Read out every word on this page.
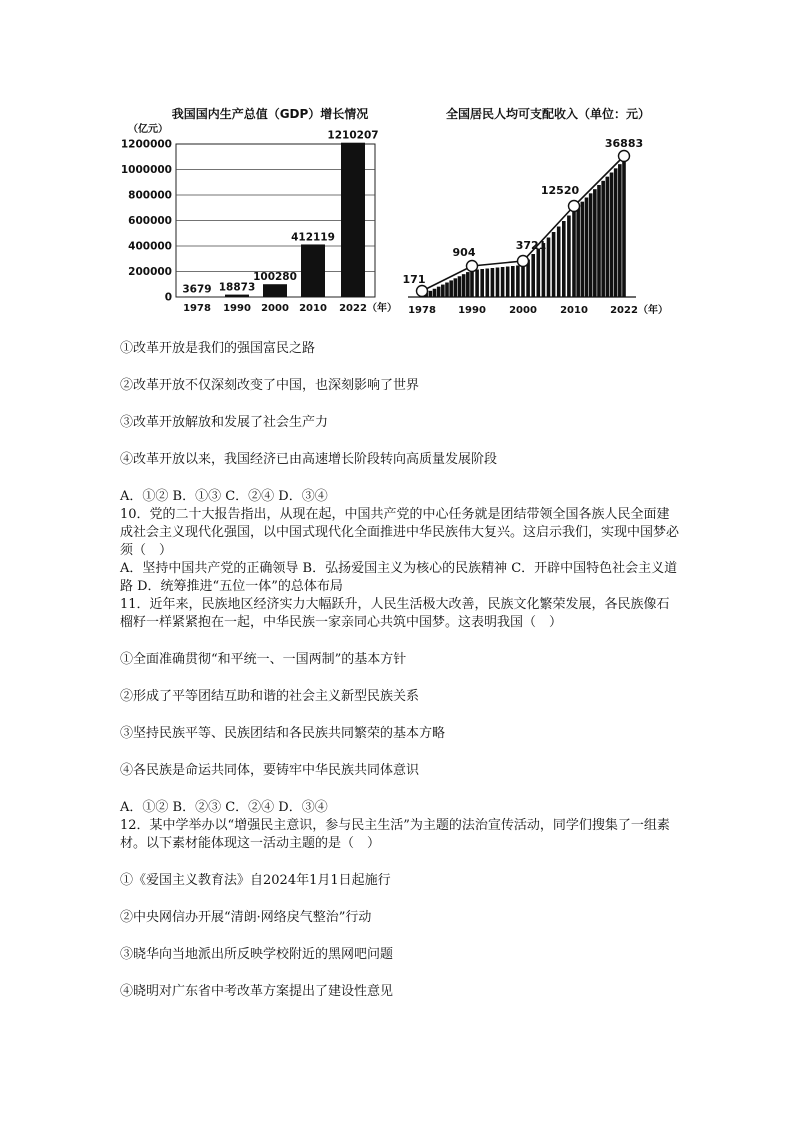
我国国内生产总值（GDP）增长情况
（亿元）
（年）
3679 18873
100280
412119
1210207
0
200000
400000
600000
800000
1000000
1200000
1978 1990 2000 2010 2022
全国居民人均可支配收入（单位：元）
（年）
171
1978
904
1990
3721
2000
12520
2010
36883
2022

①改革开放是我们的强国富民之路

②改革开放不仅深刻改变了中国，也深刻影响了世界

③改革开放解放和发展了社会生产力

④改革开放以来，我国经济已由高速增长阶段转向高质量发展阶段

A．①② B．①③ C．②④ D．③④

10．党的二十大报告指出，从现在起，中国共产党的中心任务就是团结带领全国各族人民全面建成社会主义现代化强国，以中国式现代化全面推进中华民族伟大复兴。这启示我们，实现中国梦必须（　）

A．坚持中国共产党的正确领导 B．弘扬爱国主义为核心的民族精神 C．开辟中国特色社会主义道路 D．统筹推进“五位一体”的总体布局

11．近年来，民族地区经济实力大幅跃升，人民生活极大改善，民族文化繁荣发展，各民族像石榴籽一样紧紧抱在一起，中华民族一家亲同心共筑中国梦。这表明我国（　）

①全面准确贯彻“和平统一、一国两制”的基本方针

②形成了平等团结互助和谐的社会主义新型民族关系

③坚持民族平等、民族团结和各民族共同繁荣的基本方略

④各民族是命运共同体，要铸牢中华民族共同体意识

A．①② B．②③ C．②④ D．③④

12．某中学举办以“增强民主意识，参与民主生活”为主题的法治宣传活动，同学们搜集了一组素材。以下素材能体现这一活动主题的是（　）

①《爱国主义教育法》自2024年1月1日起施行

②中央网信办开展“清朗·网络戾气整治”行动

③晓华向当地派出所反映学校附近的黑网吧问题

④晓明对广东省中考改革方案提出了建设性意见
